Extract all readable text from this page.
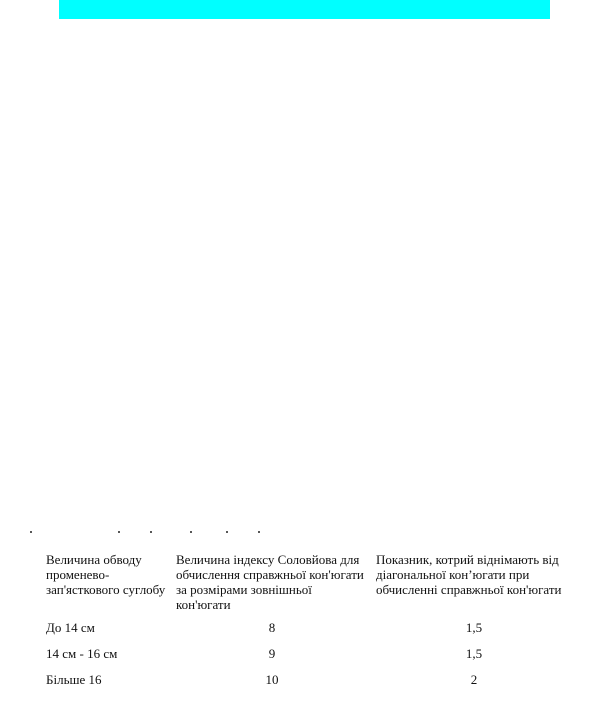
Величина обводу променево-зап'ясткового суглобу	Величина індексу Соловйова для обчислення справжньої кон'югати за розмірами зовнішньої кон'югати	Показник, котрий віднімають від діагональної кон’югати при обчисленні справжньої кон'югати
До 14 см	8	1,5
14 см - 16 см	9	1,5
Більше 16	10	2
